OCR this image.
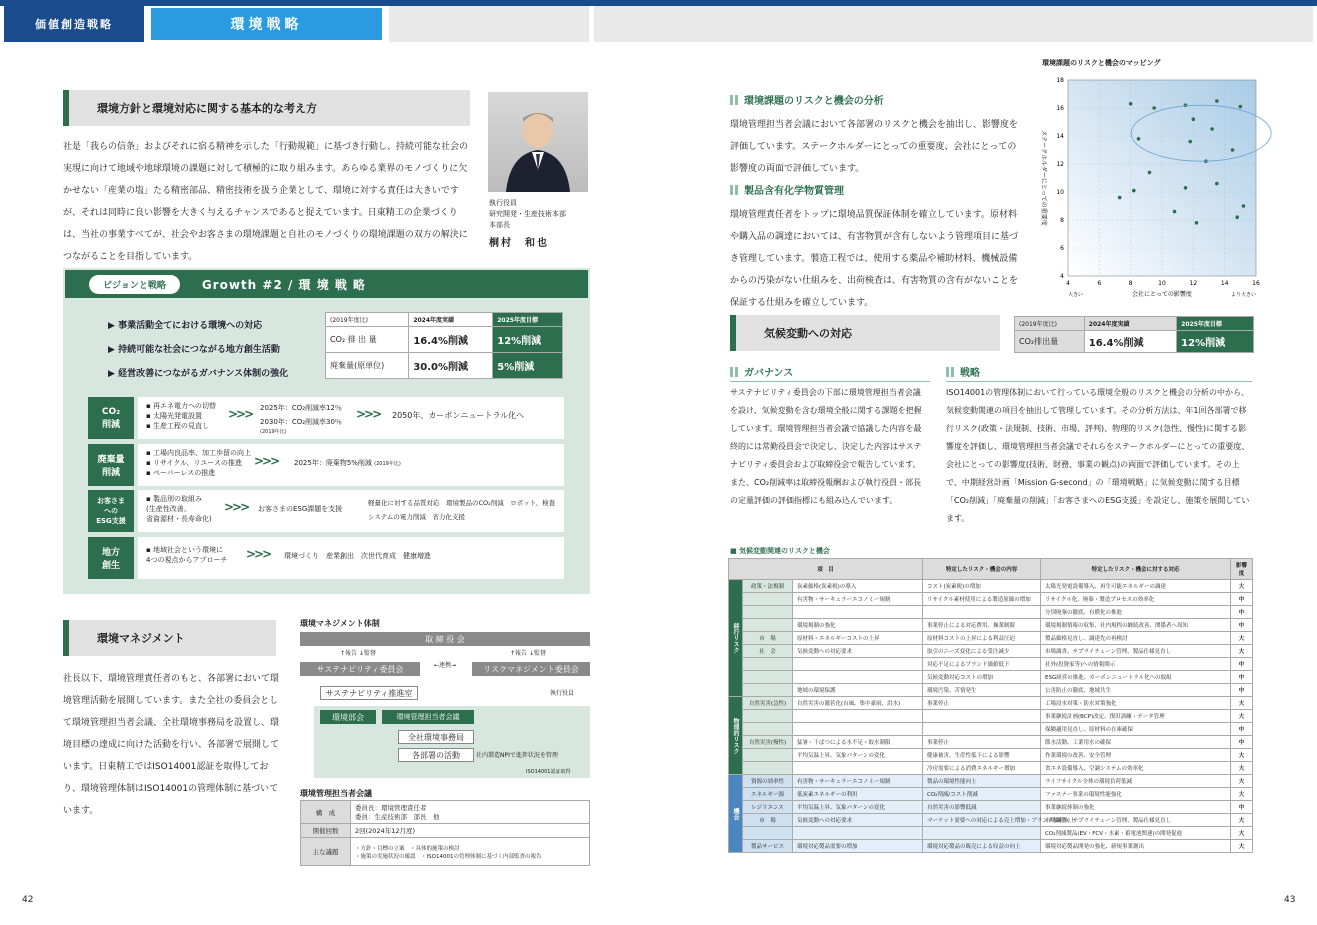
価値創造戦略	環境戦略
環境方針と環境対応に関する基本的な考え方
社是「我らの信条」およびそれに宿る精神を示した「行動規範」に基づき行動し、持続可能な社会の実現に向けて地域や地球環境の課題に対して積極的に取り組みます。あらゆる業界のモノづくりに欠かせない「産業の塩」たる精密部品、精密技術を扱う企業として、環境に対する責任は大きいですが、それは同時に良い影響を大きく与えるチャンスであると捉えています。日東精工の企業づくりは、当社の事業すべてが、社会やお客さまの環境課題と自社のモノづくりの環境課題の双方の解決につながることを目指しています。
執行役員
研究開発・生産技術本部
本部長
桐村　和也
ビジョンと戦略	Growth #2 / 環 境 戦 略
▶ 事業活動全てにおける環境への対応
▶ 持続可能な社会につながる地方創生活動
▶ 経営改善につながるガバナンス体制の強化
(2019年度比)	2024年度実績	2025年度目標
CO₂ 排 出 量	16.4%削減	12%削減
廃棄量(原単位)	30.0%削減	5%削減
CO₂
削減
▪ 再エネ電力への切替
▪ 太陽光発電設置
▪ 生産工程の見直し
>>> 2025年：CO₂削減率12％
2030年：CO₂削減率30％
(2019年比)
>>> 2050年、カーボンニュートラル化へ
廃棄量
削減
▪ 工場内良品率、加工歩留の向上
▪ リサイクル、リユースの推進
▪ ペーパーレスの推進
>>> 2025年：廃棄物5%削減 (2019年比)
お客さま
への
ESG支援
▪ 製品別の取組み
(生産性改善、
省資源材・長寿命化)
>>> お客さまのESG課題を支援
軽量化に対する品質対応　環境製品のCO₂削減　ロボット、検査システムの電力削減　省力化支援
地方
創生
▪ 地域社会という環境に
4つの視点からアプローチ >>> 環境づくり　産業創出　次世代育成　健康増進
環境マネジメント
社長以下、環境管理責任者のもと、各部署において環境管理活動を展開しています。また全社の委員会として環境管理担当者会議、全社環境事務局を設置し、環境目標の達成に向けた活動を行い、各部署で展開しています。日東精工ではISO14001認証を取得しており、環境管理体制はISO14001の管理体制に基づいています。
環境マネジメント体制
取 締 役 会
↑報告 ↓監督	↑報告 ↓監督
サステナビリティ委員会	←連携→	リスクマネジメント委員会
サステナビリティ推進室	執行役員
環境部会	環境管理担当者会議
全社環境事務局
各部署の活動	社内製造NPIで進捗状況を管理
ISO14001認証取得
環境管理担当者会議
構　成	委員長：環境管理責任者
委員：生産技術部　部長　他
開催回数	2回(2024年12月度)
主な議題	・方針・目標の立案　・具体的施策の検討
・施策の実施状況の確認　・ISO14001の管理体制に基づく内部監査の報告
42
環境課題のリスクと機会の分析
環境管理担当者会議において各部署のリスクと機会を抽出し、影響度を評価しています。ステークホルダーにとっての重要度、会社にとっての影響度の両面で評価しています。
製品含有化学物質管理
環境管理責任者をトップに環境品質保証体制を確立しています。原材料や購入品の調達においては、有害物質が含有しないよう管理項目に基づき管理しています。製造工程では、使用する薬品や補助材料、機械設備からの汚染がない仕組みを、出荷検査は、有害物質の含有がないことを保証する仕組みを確立しています。
環境課題のリスクと機会のマッピング
4	6	8	10	12	14	16
4
6
8
10
12
14
16
18
会社にとっての影響度
大きい	より大きい
ステークホルダーにとっての重要度
気候変動への対応
(2019年度比)	2024年度実績	2025年度目標
CO₂排出量	16.4%削減	12%削減
ガバナンス
サステナビリティ委員会の下部に環境管理担当者会議を設け、気候変動を含む環境全般に関する課題を把握しています。環境管理担当者会議で協議した内容を最終的には常勤役員会で決定し、決定した内容はサステナビリティ委員会および取締役会で報告しています。また、CO₂削減率は取締役報酬および執行役員・部長の定量評価の評価指標にも組み込んでいます。
戦略
ISO14001の管理体制において行っている環境全般のリスクと機会の分析の中から、気候変動関連の項目を抽出して管理しています。その分析方法は、年1回各部署で移行リスク(政策・法規制、技術、市場、評判)、物理的リスク(急性、慢性)に関する影響度を評価し、環境管理担当者会議でそれらをステークホルダーにとっての重要度、会社にとっての影響度(技術、財務、事業の観点)の両面で評価しています。その上で、中期経営計画「Mission G-second」の「環境戦略」に気候変動に関する目標「CO₂削減」「廃棄量の削減」「お客さまへのESG支援」を設定し、施策を展開しています。
■ 気候変動関連のリスクと機会
項　目			特定したリスク・機会の内容	特定したリスク・機会に対する対応	影響度
移行リスク	政策・法規制	炭素価格(炭素税)の導入	コスト(炭素税)の増加	太陽光発電設備導入、再生可能エネルギーの調達	大
		有害物・サーキュラーエコノミー規制	リサイクル素材使用による製造原価の増加	リサイクル化、廃棄・製造プロセスの効率化	中
				分別廃棄の徹底、有償化の推進	中
		環境規制の強化	事業停止による対応費用、操業制限	環境規制情報の収集、社内規程の継続改善、関係者へ周知	中
	市　場	原材料・エネルギーコストの上昇	原材料コストの上昇による利益圧迫	製品価格見直し、調達先の再検討	大
	社　会	気候変動への対応要求	取引のニーズ変化による受注減少	市場調査、サプライチェーン管理、製品仕様見直し	大
			対応不足によるブランド価値低下	社外(投資家等)への情報開示	中
			気候変動対応コストの増加	ESG経営の推進、カーボンニュートラル化への取組	中
		地域の環境保護	環境汚染、苦情発生	公害防止の徹底、地域共生	中
物理的リスク	自然災害(急性)	自然災害の激甚化(台風、集中豪雨、洪水)	事業停止	工場浸水対策・防水対策強化	大
				事業継続計画(BCP)改定、復旧訓練・データ管理	大
				保険適用見直し、原材料の在庫確保	中
	自然災害(慢性)	猛暑・干ばつによる水不足・取水制限	事業停止	節水活動、工業用水の確保	中
		平均気温上昇、気象パターンの変化	健康被害、生産性低下による影響	作業環境の改善、安全管理	大
			冷房需要による消費エネルギー増加	省エネ設備導入、空調システムの効率化	大
機会	資源の効率性	有害物・サーキュラーエコノミー規制	製品の環境性能向上	ライフサイクル全体の環境負荷低減	大
	エネルギー源	低炭素エネルギーの利用	CO₂削減/コスト削減	ファスナー事業の環境性能強化	大
	レジリエンス	平均気温上昇、気象パターンの変化	自然災害の影響低減	事業継続体制の強化	中
	市　場	気候変動への対応要求	マーケット需要への対応による売上増加・ブランド価値向上	市場調査、サプライチェーン管理、製品仕様見直し	大
				CO₂削減製品(EV・FCV・水素・蓄電池関連)の開発促進	大
	製品サービス	環境対応製品需要の増加	環境対応製品の販売による収益の向上	環境対応製品開発の強化、新規事業創出	大
43
